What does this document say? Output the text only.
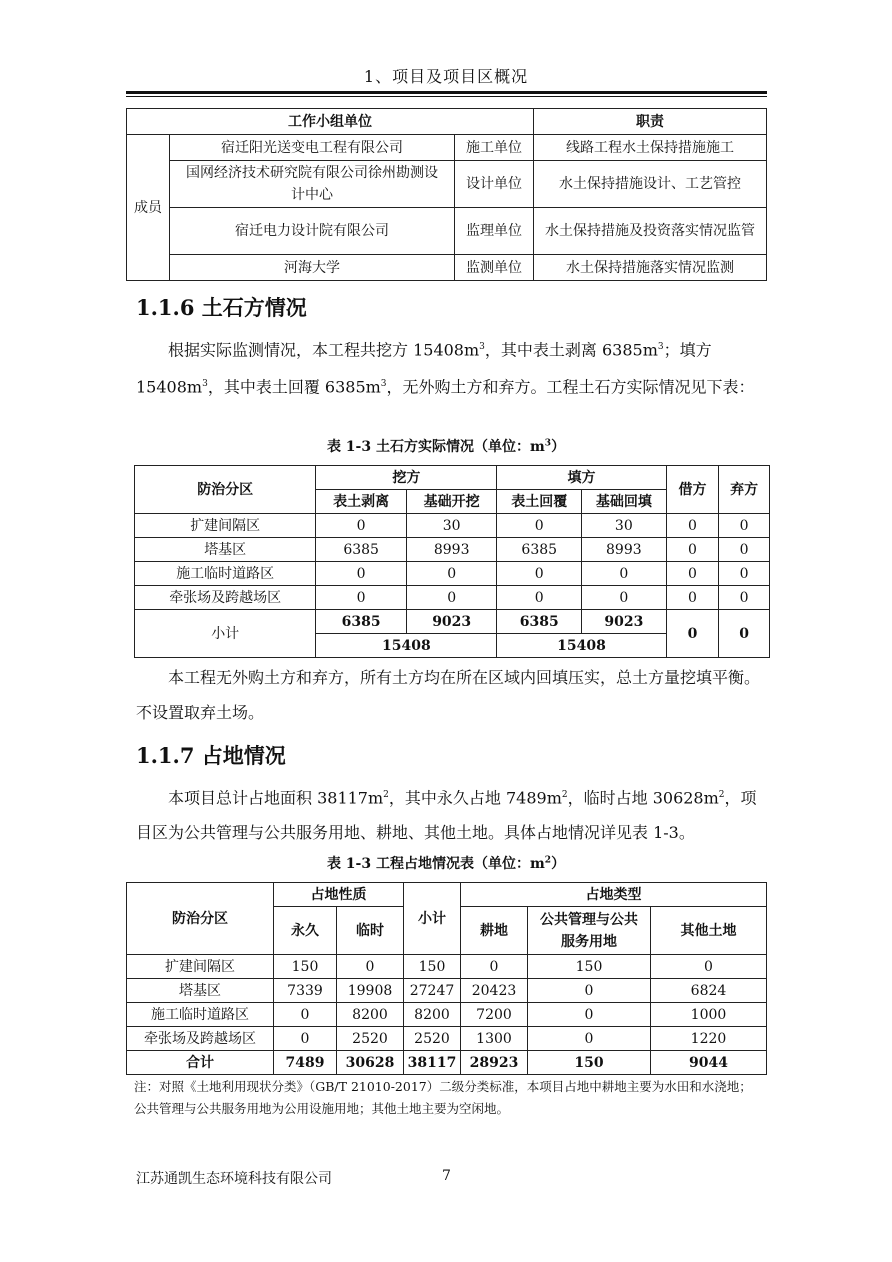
1、项目及项目区概况
工作小组单位			职责
成员	宿迁阳光送变电工程有限公司	施工单位	线路工程水土保持措施施工
	国网经济技术研究院有限公司徐州勘测设计中心	设计单位	水土保持措施设计、工艺管控
	宿迁电力设计院有限公司	监理单位	水土保持措施及投资落实情况监管
	河海大学	监测单位	水土保持措施落实情况监测
1.1.6 土石方情况

根据实际监测情况，本工程共挖方 $15408m^3$，其中表土剥离 $6385m^3$；填方 $15408m^3$，其中表土回覆 $6385m^3$，无外购土方和弃方。工程土石方实际情况见下表：

表 1-3 土石方实际情况（单位：$m^3$）
防治分区	挖方		填方		借方	弃方
	表土剥离	基础开挖	表土回覆	基础回填		
扩建间隔区	0	30	0	30	0	0
塔基区	6385	8993	6385	8993	0	0
施工临时道路区	0	0	0	0	0	0
牵张场及跨越场区	0	0	0	0	0	0
小计	6385	9023	6385	9023	0	0
	15408		15408			
本工程无外购土方和弃方，所有土方均在所在区域内回填压实，总土方量挖填平衡。不设置取弃土场。
1.1.7 占地情况

本项目总计占地面积 $38117m^2$，其中永久占地 $7489m^2$，临时占地 $30628m^2$，项目区为公共管理与公共服务用地、耕地、其他土地。具体占地情况详见表 1-3。

表 1-3 工程占地情况表（单位：$m^2$）
防治分区	占地性质		小计	占地类型		
	永久	临时		耕地	公共管理与公共服务用地	其他土地
扩建间隔区	150	0	150	0	150	0
塔基区	7339	19908	27247	20423	0	6824
施工临时道路区	0	8200	8200	7200	0	1000
牵张场及跨越场区	0	2520	2520	1300	0	1220
合计	7489	30628	38117	28923	150	9044
注：对照《土地利用现状分类》（GB/T 21010-2017）二级分类标准，本项目占地中耕地主要为水田和水浇地；公共管理与公共服务用地为公用设施用地；其他土地主要为空闲地。
江苏通凯生态环境科技有限公司	7
